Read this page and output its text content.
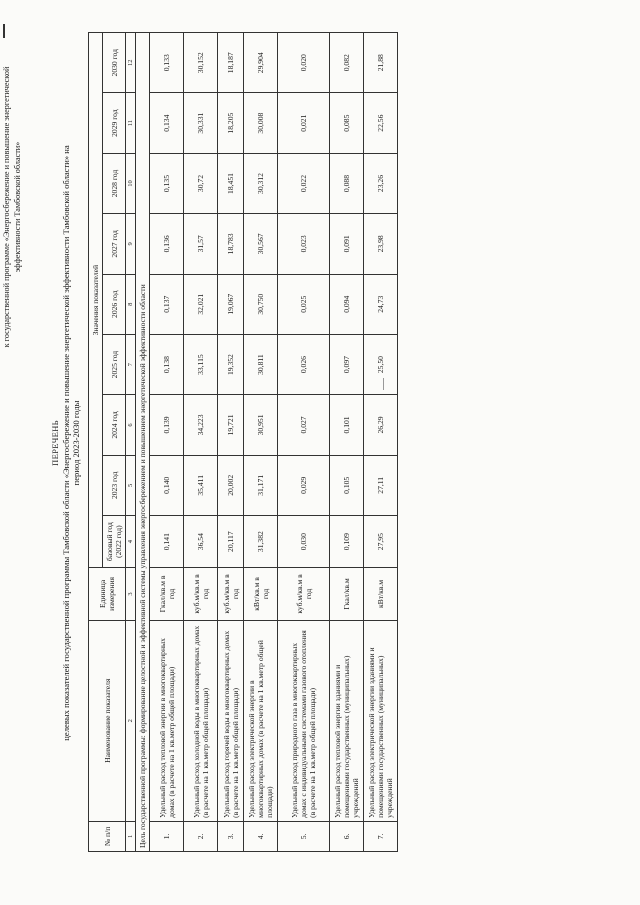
к государственной программе «Энергосбережение и повышение энергетической эффективности Тамбовской области»
ПЕРЕЧЕНЬ целевых показателей государственной программы Тамбовской области «Энергосбережение и повышение энергетической эффективности Тамбовской области» на период 2023-2030 годы
№ п/п	Наименование показателя	Единица измерения	Значения показателей								
			базовый год (2022 год)	2023 год	2024 год	2025 год	2026 год	2027 год	2028 год	2029 год	2030 год
1	2	3	4	5	6	7	8	9	10	11	12
Цель государственной программы: формирование целостной и эффективной системы управления энергосбережением и повышением энергетической эффективности области											
1.	Удельный расход тепловой энергии в многоквартирных домах (в расчете на 1 кв.метр общей площади)	Гкал/кв.м в год	0,141	0,140	0,139	0,138	0,137	0,136	0,135	0,134	0,133
2.	Удельный расход холодной воды в многоквартирных домах (в расчете на 1 кв.метр общей площади)	куб.м/кв.м в год	36,54	35,411	34,223	33,115	32,021	31,57	30,72	30,331	30,152
3.	Удельный расход горячей воды в многоквартирных домах (в расчете на 1 кв.метр общей площади)	куб.м/кв.м в год	20,117	20,002	19,721	19,352	19,067	18,783	18,451	18,205	18,187
4.	Удельный расход электрической энергии в многоквартирных домах (в расчете на 1 кв.метр общей площади)	кВт/кв.м в год	31,382	31,171	30,951	30,811	30,750	30,567	30,312	30,008	29,904
5.	Удельный расход природного газа в многоквартирных домах с индивидуальными системами газового отопления (в расчете на 1 кв.метр общей площади)	куб.м/кв.м в год	0,030	0,029	0,027	0,026	0,025	0,023	0,022	0,021	0,020
6.	Удельный расход тепловой энергии зданиями и помещениями государственных (муниципальных) учреждений	Гкал/кв.м	0,109	0,105	0,101	0,097	0,094	0,091	0,088	0,085	0,082
7.	Удельный расход электрической энергии зданиями и помещениями государственных (муниципальных) учреждений	кВт/кв.м	27,95	27,11	26,29	25,50	24,73	23,98	23,26	22,56	21,88
